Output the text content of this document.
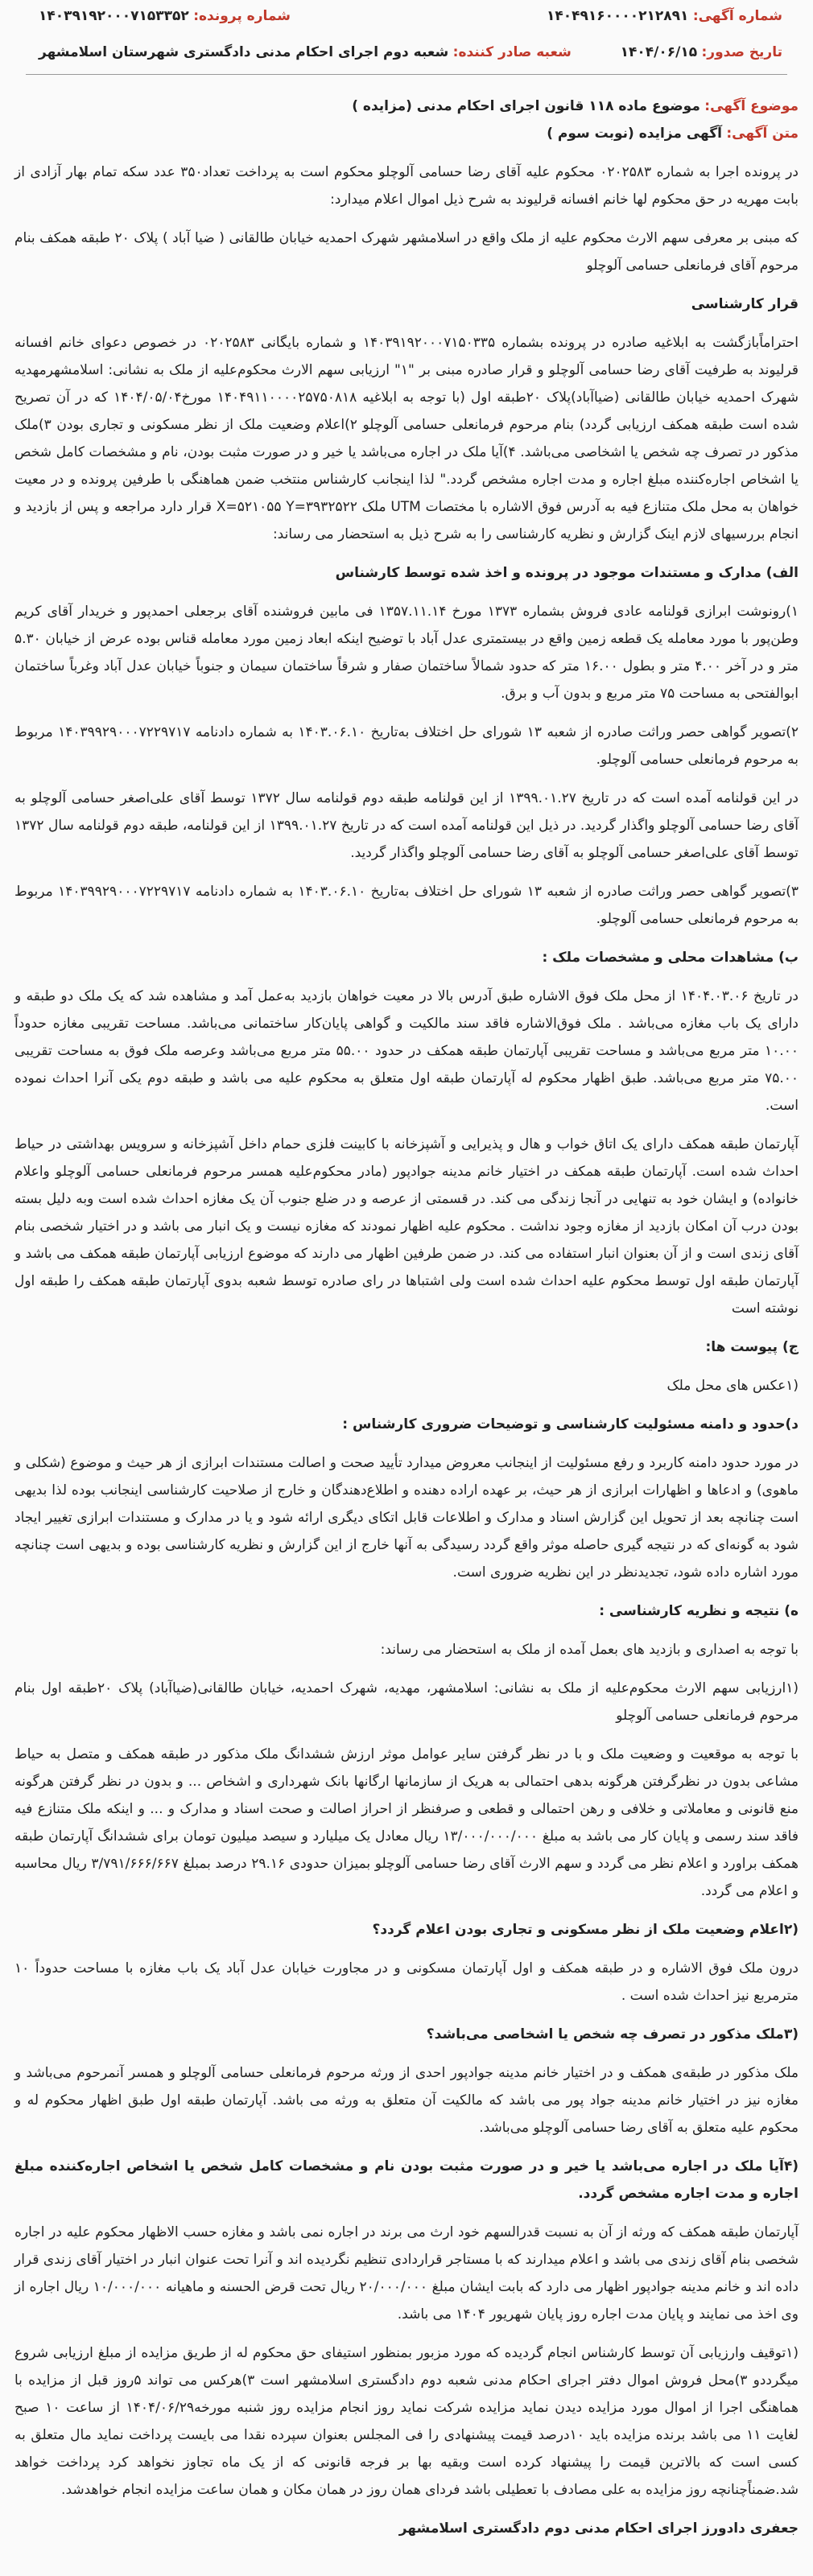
شماره آگهی: ۱۴۰۴۹۱۶۰۰۰۰۲۱۲۸۹۱
شماره پرونده: ۱۴۰۳۹۱۹۲۰۰۰۷۱۵۳۳۵۲
تاریخ صدور: ۱۴۰۴/۰۶/۱۵
شعبه صادر کننده: شعبه دوم اجرای احکام مدنی دادگستری شهرستان اسلامشهر
موضوع آگهی: موضوع ماده ۱۱۸ قانون اجرای احکام مدنی (مزایده )
متن آگهی: آگهی مزایده (نوبت سوم )

در پرونده اجرا به شماره ۰۲۰۲۵۸۳ محکوم علیه آقای رضا حسامی آلوچلو محکوم است به پرداخت تعداد۳۵۰ عدد سکه تمام بهار آزادی از بابت مهریه در حق محکوم لها خانم افسانه قرلیوند به شرح ذیل اموال اعلام میدارد:

که مبنی بر معرفی سهم الارث محکوم علیه از ملک واقع در اسلامشهر شهرک احمدیه خیابان طالقانی ( ضیا آباد ) پلاک ۲۰ طبقه همکف بنام مرحوم آقای فرمانعلی حسامی آلوچلو

قرار کارشناسی

احتراماًبازگشت به ابلاغیه صادره در پرونده بشماره ۱۴۰۳۹۱۹۲۰۰۰۷۱۵۰۳۳۵ و شماره بایگانی ۰۲۰۲۵۸۳ در خصوص دعوای خانم افسانه قرلیوند به طرفیت آقای رضا حسامی آلوچلو و قرار صادره مبنی بر "۱" ارزیابی سهم الارث محکوم‌علیه از ملک به نشانی: اسلامشهرمهدیه شهرک احمدیه خیابان طالقانی (ضیاآباد)پلاک ۲۰طبقه اول (با توجه به ابلاغیه ۱۴۰۴۹۱۱۰۰۰۰۲۵۷۵۰۸۱۸ مورخ۱۴۰۴/۰۵/۰۴ که در آن تصریح شده است طبقه همکف ارزیابی گردد) بنام مرحوم فرمانعلی حسامی آلوچلو ۲)اعلام وضعیت ملک از نظر مسکونی و تجاری بودن ۳)ملک مذکور در تصرف چه شخص یا اشخاصی می‌باشد. ۴)آیا ملک در اجاره می‌باشد یا خیر و در صورت مثبت بودن، نام و مشخصات کامل شخص یا اشخاص اجاره‌کننده مبلغ اجاره و مدت اجاره مشخص گردد." لذا اینجانب کارشناس منتخب ضمن هماهنگی با طرفین پرونده و در معیت خواهان به محل ملک متنازع فیه به آدرس فوق الاشاره با مختصات UTM ملک X=۵۲۱۰۵۵ Y=۳۹۳۲۵۲۲ قرار دارد مراجعه و پس از بازدید و انجام بررسیهای لازم اینک گزارش و نظریه کارشناسی را به شرح ذیل به استحضار می رساند:

الف) مدارک و مستندات موجود در پرونده و اخذ شده توسط کارشناس

۱)رونوشت ابرازی قولنامه عادی فروش بشماره ۱۳۷۳ مورخ ۱۳۵۷.۱۱.۱۴ فی مابین فروشنده آقای برجعلی احمدپور و خریدار آقای کریم وطن‌پور با مورد معامله یک قطعه زمین واقع در بیستمتری عدل آباد با توضیح اینکه ابعاد زمین مورد معامله قناس بوده عرض از خیابان ۵.۳۰ متر و در آخر ۴.۰۰ متر و بطول ۱۶.۰۰ متر که حدود شمالاً ساختمان صفار و شرقاً ساختمان سیمان و جنوباً خیابان عدل آباد وغرباً ساختمان ابوالفتحی به مساحت ۷۵ متر مربع و بدون آب و برق.

۲)تصویر گواهی حصر وراثت صادره از شعبه ۱۳ شورای حل اختلاف به‌تاریخ ۱۴۰۳.۰۶.۱۰ به شماره دادنامه ۱۴۰۳۹۹۲۹۰۰۰۷۲۲۹۷۱۷ مربوط به مرحوم فرمانعلی حسامی آلوچلو.

در این قولنامه آمده است که در تاریخ ۱۳۹۹.۰۱.۲۷ از این قولنامه طبقه دوم قولنامه سال ۱۳۷۲ توسط آقای علی‌اصغر حسامی آلوچلو به آقای رضا حسامی آلوچلو واگذار گردید. در ذیل این قولنامه آمده است که در تاریخ ۱۳۹۹.۰۱.۲۷ از این قولنامه، طبقه دوم قولنامه سال ۱۳۷۲ توسط آقای علی‌اصغر حسامی آلوچلو به آقای رضا حسامی آلوچلو واگذار گردید.

۳)تصویر گواهی حصر وراثت صادره از شعبه ۱۳ شورای حل اختلاف به‌تاریخ ۱۴۰۳.۰۶.۱۰ به شماره دادنامه ۱۴۰۳۹۹۲۹۰۰۰۷۲۲۹۷۱۷ مربوط به مرحوم فرمانعلی حسامی آلوچلو.

ب) مشاهدات محلی و مشخصات ملک :

در تاریخ ۱۴۰۴.۰۳.۰۶ از محل ملک فوق الاشاره طبق آدرس بالا در معیت خواهان بازدید به‌عمل آمد و مشاهده شد که یک ملک دو طبقه و دارای یک باب مغازه می‌باشد . ملک فوق‌الاشاره فاقد سند مالکیت و گواهی پایان‌کار ساختمانی می‌باشد. مساحت تقریبی مغازه حدوداً ۱۰.۰۰ متر مربع می‌باشد و مساحت تقریبی آپارتمان طبقه همکف در حدود ۵۵.۰۰ متر مربع می‌باشد وعرصه ملک فوق به مساحت تقریبی ۷۵.۰۰ متر مربع می‌باشد. طبق اظهار محکوم له آپارتمان طبقه اول متعلق به محکوم علیه می باشد و طبقه دوم یکی آنرا احداث نموده است.

آپارتمان طبقه همکف دارای یک اتاق خواب و هال و پذیرایی و آشپزخانه با کابینت فلزی حمام داخل آشپزخانه و سرویس بهداشتی در حیاط احداث شده است. آپارتمان طبقه همکف در اختیار خانم مدینه جوادپور (مادر محکوم‌علیه همسر مرحوم فرمانعلی حسامی آلوچلو واعلام خانواده) و ایشان خود به تنهایی در آنجا زندگی می کند. در قسمتی از عرصه و در ضلع جنوب آن یک مغازه احداث شده است وبه دلیل بسته بودن درب آن امکان بازدید از مغازه وجود نداشت . محکوم علیه اظهار نمودند که مغازه نیست و یک انبار می باشد و در اختیار شخصی بنام آقای زندی است و از آن بعنوان انبار استفاده می کند. در ضمن طرفین اظهار می دارند که موضوع ارزیابی آپارتمان طبقه همکف می باشد و آپارتمان طبقه اول توسط محکوم علیه احداث شده است ولی اشتباها در رای صادره توسط شعبه بدوی آپارتمان طبقه همکف را طبقه اول نوشته است

ج) پیوست ها:

(۱عکس های محل ملک

د)حدود و دامنه مسئولیت کارشناسی و توضیحات ضروری کارشناس :

در مورد حدود دامنه کاربرد و رفع مسئولیت از اینجانب معروض میدارد تأیید صحت و اصالت مستندات ابرازی از هر حیث و موضوع (شکلی و ماهوی) و ادعاها و اظهارات ابرازی از هر حیث، بر عهده اراده دهنده و اطلاع‌دهندگان و خارج از صلاحیت کارشناسی اینجانب بوده لذا بدیهی است چنانچه بعد از تحویل این گزارش اسناد و مدارک و اطلاعات قابل اتکای دیگری ارائه شود و یا در مدارک و مستندات ابرازی تغییر ایجاد شود به گونه‌ای که در نتیجه گیری حاصله موثر واقع گردد رسیدگی به آنها خارج از این گزارش و نظریه کارشناسی بوده و بدیهی است چنانچه مورد اشاره داده شود، تجدیدنظر در این نظریه ضروری است.

ه) نتیجه و نظریه کارشناسی :

با توجه به اصداری و بازدید های بعمل آمده از ملک به استحضار می رساند:

(۱ارزیابی سهم الارث محکوم‌علیه از ملک به نشانی: اسلامشهر، مهدیه، شهرک احمدیه، خیابان طالقانی(ضیاآباد) پلاک ۲۰طبقه اول بنام مرحوم فرمانعلی حسامی آلوچلو

با توجه به موقعیت و وضعیت ملک و با در نظر گرفتن سایر عوامل موثر ارزش ششدانگ ملک مذکور در طبقه همکف و متصل به حیاط مشاعی بدون در نظرگرفتن هرگونه بدهی احتمالی به هریک از سازمانها ارگانها بانک شهرداری و اشخاص ... و بدون در نظر گرفتن هرگونه منع قانونی و معاملاتی و خلافی و رهن احتمالی و قطعی و صرفنظر از احراز اصالت و صحت اسناد و مدارک و ... و اینکه ملک متنازع فیه فاقد سند رسمی و پایان کار می باشد به مبلغ ۱۳/۰۰۰/۰۰۰/۰۰۰ ریال معادل یک میلیارد و سیصد میلیون تومان برای ششدانگ آپارتمان طبقه همکف براورد و اعلام نظر می گردد و سهم الارث آقای رضا حسامی آلوچلو بمیزان حدودی ۲۹.۱۶ درصد بمبلغ ۳/۷۹۱/۶۶۶/۶۶۷ ریال محاسبه و اعلام می گردد.

(۲اعلام وضعیت ملک از نظر مسکونی و تجاری بودن اعلام گردد؟

درون ملک فوق الاشاره و در طبقه همکف و اول آپارتمان مسکونی و در مجاورت خیابان عدل آباد یک باب مغازه با مساحت حدوداً ۱۰ مترمربع نیز احداث شده است .

(۳ملک مذکور در تصرف چه شخص یا اشخاصی می‌باشد؟

ملک مذکور در طبقه‌ی همکف و در اختیار خانم مدینه جوادپور احدی از ورثه مرحوم فرمانعلی حسامی آلوچلو و همسر آنمرحوم می‌باشد و مغازه نیز در اختیار خانم مدینه جواد پور می باشد که مالکیت آن متعلق به ورثه می باشد. آپارتمان طبقه اول طبق اظهار محکوم له و محکوم علیه متعلق به آقای رضا حسامی آلوچلو می‌باشد.

(۴آیا ملک در اجاره می‌باشد یا خیر و در صورت مثبت بودن نام و مشخصات کامل شخص یا اشخاص اجاره‌کننده مبلغ اجاره و مدت اجاره مشخص گردد.

آپارتمان طبقه همکف که ورثه از آن به نسبت قدرالسهم خود ارث می برند در اجاره نمی باشد و مغازه حسب الاظهار محکوم علیه در اجاره شخصی بنام آقای زندی می باشد و اعلام میدارند که با مستاجر قراردادی تنظیم نگردیده اند و آنرا تحت عنوان انبار در اختیار آقای زندی قرار داده اند و خانم مدینه جوادپور اظهار می دارد که بابت ایشان مبلغ ۲۰/۰۰۰/۰۰۰ ریال تحت قرض الحسنه و ماهیانه ۱۰/۰۰۰/۰۰۰ ریال اجاره از وی اخذ می نمایند و پایان مدت اجاره روز پایان شهریور ۱۴۰۴ می باشد.

(۱توقیف وارزیابی آن توسط کارشناس انجام گردیده که مورد مزبور بمنظور استیفای حق محکوم له از طریق مزایده از مبلغ ارزیابی شروع میگرددو ۳)محل فروش اموال دفتر اجرای احکام مدنی شعبه دوم دادگستری اسلامشهر است ۳)هرکس می تواند ۵روز قبل از مزایده با هماهنگی اجرا از اموال مورد مزایده دیدن نماید مزایده شرکت نماید روز انجام مزایده روز شنبه مورخه۱۴۰۴/۰۶/۲۹ از ساعت ۱۰ صبح لغایت ۱۱ می باشد برنده مزایده باید ۱۰درصد قیمت پیشنهادی را فی المجلس بعنوان سپرده نقدا می بایست پرداخت نماید مال متعلق به کسی است که بالاترین قیمت را پیشنهاد کرده است وبقیه بها بر فرجه قانونی که از یک ماه تجاوز نخواهد کرد پرداخت خواهد شد.ضمناًچنانچه روز مزایده به علی مصادف با تعطیلی باشد فردای همان روز در همان مکان و همان ساعت مزایده انجام خواهدشد.

جعفری دادورز اجرای احکام مدنی دوم دادگستری اسلامشهر
